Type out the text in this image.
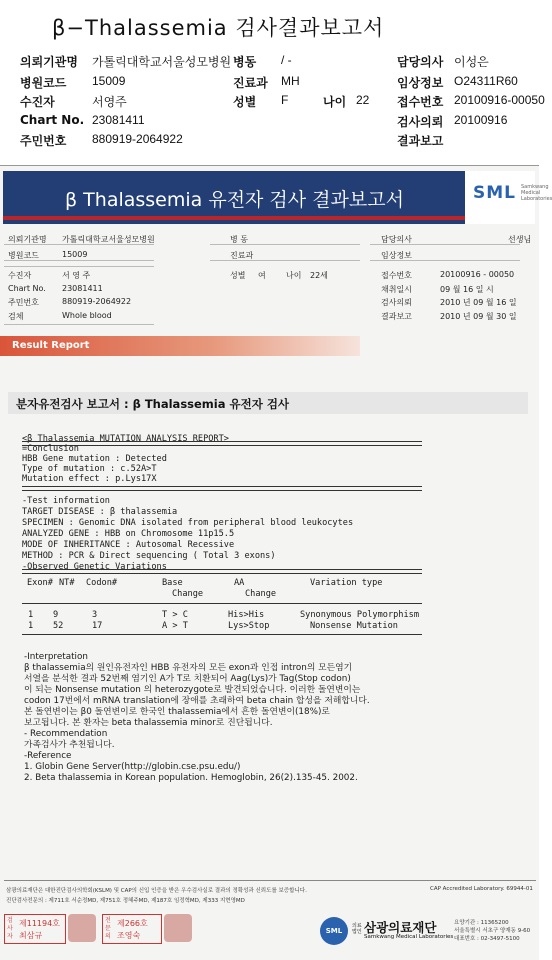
β−Thalassemia 검사결과보고서
의뢰기관명 가톨릭대학교서울성모병원 병동 / -	담당의사 이성은
병원코드 15009	진료과 MH	임상정보 O24311R60
수진자	서영주	성별 F	나이 22 접수번호 20100916-00050
Chart No. 23081411	검사의뢰 20100916
주민번호 880919-2064922	결과보고
β Thalassemia 유전자 검사 결과보고서	SML Samkwang Medical Laboratories
의뢰기관명 가톨릭대학교서울성모병원
병원코드	15009
수진자	서 영 주
Chart No. 23081411
주민번호	880919-2064922
검체	Whole blood
병 동
진료과
성별 여	나이 22세
담당의사	선생님
임상정보
접수번호	20100916 - 00050
채취일시	09 월 16 일 시
검사의뢰	2010 년 09 월 16 일
결과보고	2010 년 09 월 30 일
Result Report
분자유전검사 보고서 : β Thalassemia 유전자 검사
<β Thalassemia MUTATION ANALYSIS REPORT>
=Conclusion
HBB Gene mutation : Detected
Type of mutation : c.52A>T
Mutation effect : p.Lys17X
-Test information
TARGET DISEASE : β thalassemia
SPECIMEN : Genomic DNA isolated from peripheral blood leukocytes
ANALYZED GENE : HBB on Chromosome 11p15.5
MODE OF INHERITANCE : Autosomal Recessive
METHOD : PCR & Direct sequencing ( Total 3 exons)
-Observed Genetic Variations
Exon# NT# Codon#	Base	AA	Variation type
Change	Change
1 9	3	T > C	His>His	Synonymous Polymorphism
1 52	17	A > T	Lys>Stop	Nonsense Mutation
-Interpretation
β thalassemia의 원인유전자인 HBB 유전자의 모든 exon과 인접 intron의 모든염기
서열을 분석한 결과 52번째 염기인 A가 T로 치환되어 Aag(Lys)가 Tag(Stop codon)
이 되는 Nonsense mutation 의 heterozygote로 발견되었습니다. 이러한 돌연변이는
codon 17번에서 mRNA translation에 장애를 초래하여 beta chain 합성을 저해합니다.
본 돌연변이는 β0 돌연변이로 한국인 thalassemia에서 흔한 돌연변이(18%)로
보고됩니다. 본 환자는 beta thalassemia minor로 진단됩니다.
- Recommendation
가족검사가 추천됩니다.
-Reference
1. Globin Gene Server(http://globin.cse.psu.edu/)
2. Beta thalassemia in Korean population. Hemoglobin, 26(2).135-45. 2002.
삼광의료재단은 대한진단검사의학회(KSLM) 및 CAP의 신입 인증을 받은 우수검사실로 결과의 정확성과 신뢰도를 보증합니다.
진단검사전문의 : 제711호 서순정MD, 제751호 정혜주MD, 제187호 임정혁MD, 제333 지현영MD
CAP Accredited Laboratory. 69944-01
검사자
제11194호
최삼규
전문의
제266호
조영숙	SML
의료법인 삼광의료재단
Samkwang Medical Laboratories
요양기관 : 11365200
서울특별시 서초구 양재동 9-60
대표번호 : 02-3497-5100
